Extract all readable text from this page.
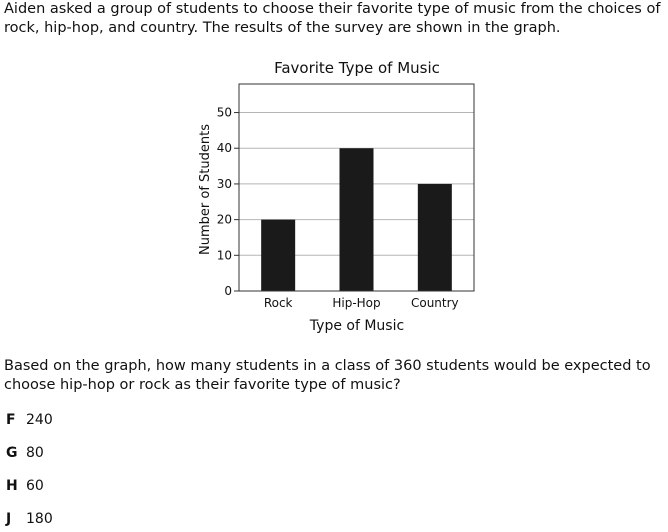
Aiden asked a group of students to choose their favorite type of music from the choices of rock, hip-hop, and country. The results of the survey are shown in the graph.

Favorite Type of Music
0
10
20
30
40
50
Rock	Hip-Hop	Country
Number of Students
Type of Music

Based on the graph, how many students in a class of 360 students would be expected to choose hip-hop or rock as their favorite type of music?

F 240
G 80
H 60
J 180
